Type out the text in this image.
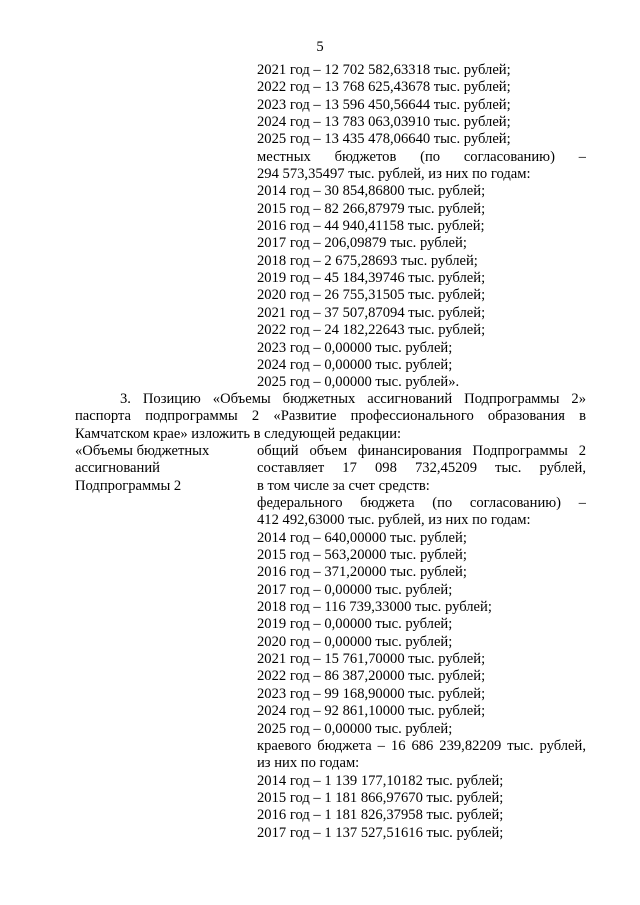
5
2021 год – 12 702 582,63318 тыс. рублей;
2022 год – 13 768 625,43678 тыс. рублей;
2023 год – 13 596 450,56644 тыс. рублей;
2024 год – 13 783 063,03910 тыс. рублей;
2025 год – 13 435 478,06640 тыс. рублей;
местных бюджетов (по согласованию) –
294 573,35497 тыс. рублей, из них по годам:
2014 год – 30 854,86800 тыс. рублей;
2015 год – 82 266,87979 тыс. рублей;
2016 год – 44 940,41158 тыс. рублей;
2017 год – 206,09879 тыс. рублей;
2018 год – 2 675,28693 тыс. рублей;
2019 год – 45 184,39746 тыс. рублей;
2020 год – 26 755,31505 тыс. рублей;
2021 год – 37 507,87094 тыс. рублей;
2022 год – 24 182,22643 тыс. рублей;
2023 год – 0,00000 тыс. рублей;
2024 год – 0,00000 тыс. рублей;
2025 год – 0,00000 тыс. рублей».
3. Позицию «Объемы бюджетных ассигнований Подпрограммы 2»
паспорта подпрограммы 2 «Развитие профессионального образования в
Камчатском крае» изложить в следующей редакции:
«Объемы бюджетных
ассигнований
Подпрограммы 2
общий объем финансирования Подпрограммы 2
составляет 17 098 732,45209 тыс. рублей,
в том числе за счет средств:
федерального бюджета (по согласованию) –
412 492,63000 тыс. рублей, из них по годам:
2014 год – 640,00000 тыс. рублей;
2015 год – 563,20000 тыс. рублей;
2016 год – 371,20000 тыс. рублей;
2017 год – 0,00000 тыс. рублей;
2018 год – 116 739,33000 тыс. рублей;
2019 год – 0,00000 тыс. рублей;
2020 год – 0,00000 тыс. рублей;
2021 год – 15 761,70000 тыс. рублей;
2022 год – 86 387,20000 тыс. рублей;
2023 год – 99 168,90000 тыс. рублей;
2024 год – 92 861,10000 тыс. рублей;
2025 год – 0,00000 тыс. рублей;
краевого бюджета – 16 686 239,82209 тыс. рублей,
из них по годам:
2014 год – 1 139 177,10182 тыс. рублей;
2015 год – 1 181 866,97670 тыс. рублей;
2016 год – 1 181 826,37958 тыс. рублей;
2017 год – 1 137 527,51616 тыс. рублей;
